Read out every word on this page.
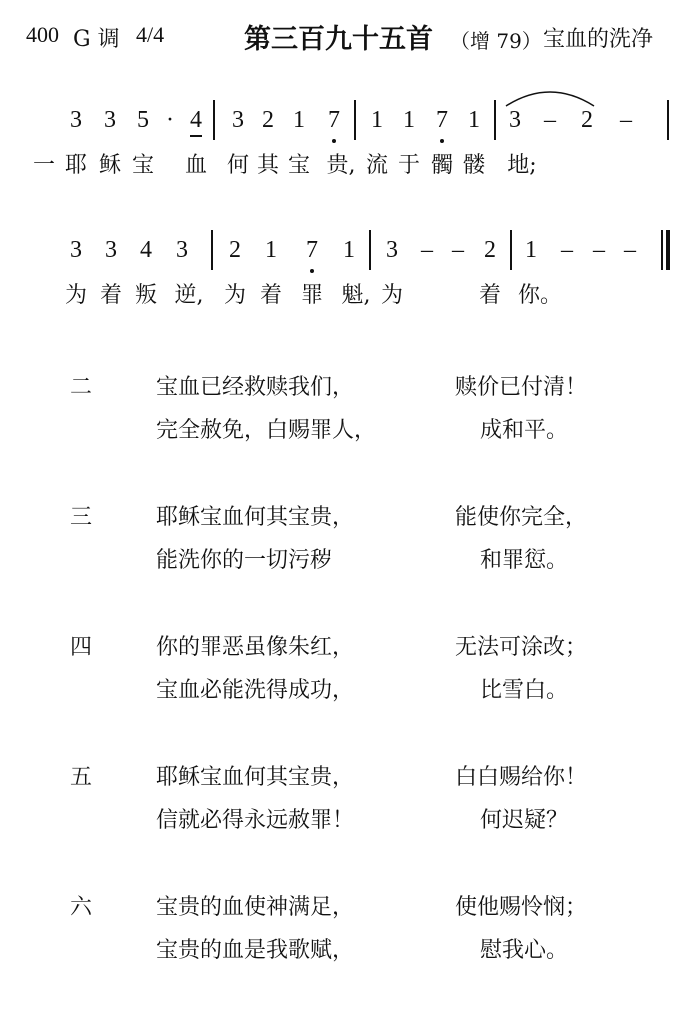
400 G 调 4/4	第三百九十五首 （增 79） 宝血的洗净
3 3 5 · 4 3 2 1 7 1 1 7 1 3 – 2 –
一 耶 稣 宝 血 何 其 宝 贵, 流 于 髑 髅 地;
3 3 4 3 2 1 7 1 3 – – 2 1 – – –
为 着 叛 逆, 为 着 罪 魁, 为	着 你。
二	宝血已经救赎我们，	赎价已付清！
完全赦免，白赐罪人，	成和平。
三	耶稣宝血何其宝贵，	能使你完全，
能洗你的一切污秽	和罪愆。
四	你的罪恶虽像朱红，	无法可涂改；
宝血必能洗得成功，	比雪白。
五	耶稣宝血何其宝贵，	白白赐给你！
信就必得永远赦罪！	何迟疑？
六	宝贵的血使神满足，	使他赐怜悯；
宝贵的血是我歌赋，	慰我心。
